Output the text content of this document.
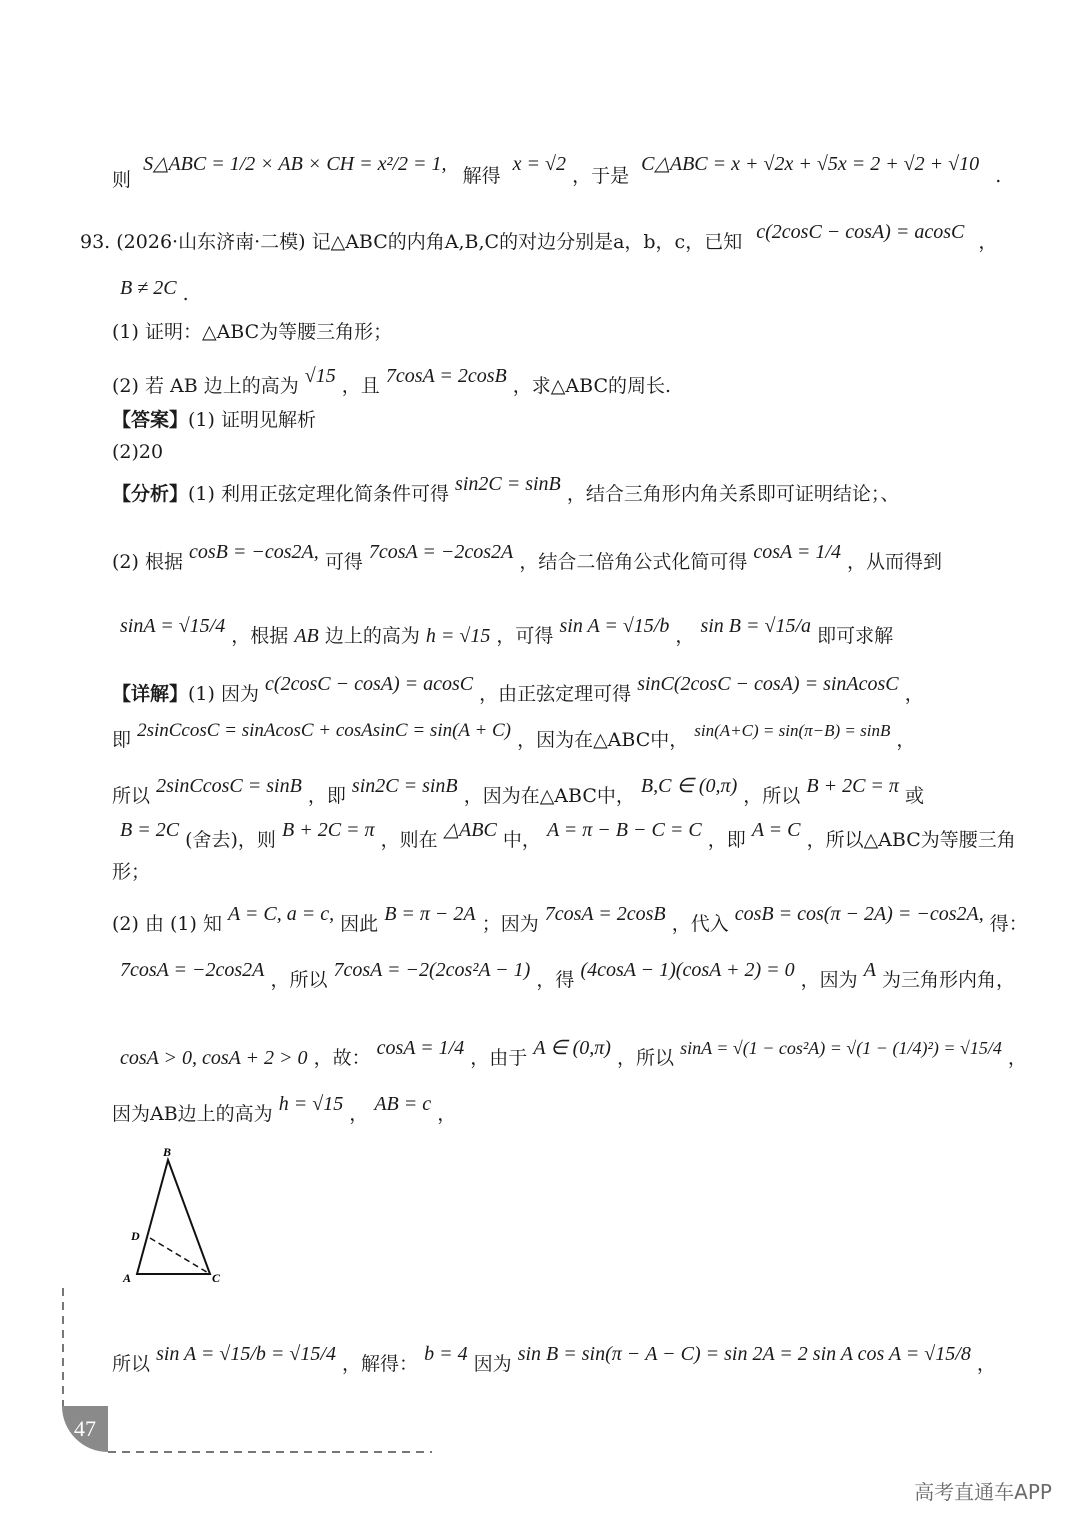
则 S△ABC = 1/2 × AB × CH = x²/2 = 1, 解得 x = √2 ，于是 C△ABC = x + √2x + √5x = 2 + √2 + √10 .
93. (2026·山东济南·二模) 记△ABC的内角A,B,C的对边分别是a，b，c，已知 c(2cosC − cosA) = acosC ，
B ≠ 2C .
(1) 证明：△ABC为等腰三角形；
(2) 若 AB 边上的高为 √15 ，且 7cosA = 2cosB ，求△ABC的周长.
【答案】(1) 证明见解析
(2)20
【分析】(1) 利用正弦定理化简条件可得 sin2C = sinB ，结合三角形内角关系即可证明结论；、
(2) 根据 cosB = −cos2A, 可得 7cosA = −2cos2A ，结合二倍角公式化简可得 cosA = 1/4 ，从而得到
sinA = √15/4 ，根据 AB 边上的高为 h = √15 ，可得 sin A = √15/b ， sin B = √15/a 即可求解
【详解】(1) 因为 c(2cosC − cosA) = acosC ，由正弦定理可得 sinC(2cosC − cosA) = sinAcosC ，
即 2sinCcosC = sinAcosC + cosAsinC = sin(A + C) ，因为在△ABC中， sin(A+C) = sin(π−B) = sinB ，
所以 2sinCcosC = sinB ，即 sin2C = sinB ，因为在△ABC中， B,C ∈ (0,π) ，所以 B + 2C = π 或
B = 2C (舍去)，则 B + 2C = π ，则在 △ABC 中， A = π − B − C = C ，即 A = C ，所以△ABC为等腰三角
形；
(2) 由 (1) 知 A = C, a = c, 因此 B = π − 2A ；因为 7cosA = 2cosB ，代入 cosB = cos(π − 2A) = −cos2A, 得：
7cosA = −2cos2A ，所以 7cosA = −2(2cos²A − 1) ，得 (4cosA − 1)(cosA + 2) = 0 ，因为 A 为三角形内角，
cosA > 0, cosA + 2 > 0 ，故： cosA = 1/4 ，由于 A ∈ (0,π) ，所以 sinA = √(1 − cos²A) = √(1 − (1/4)²) = √15/4 ，
因为AB边上的高为 h = √15 ， AB = c ，
B
D
A	C
所以 sin A = √15/b = √15/4 ，解得： b = 4 因为 sin B = sin(π − A − C) = sin 2A = 2 sin A cos A = √15/8 ，
47
高考直通车APP
